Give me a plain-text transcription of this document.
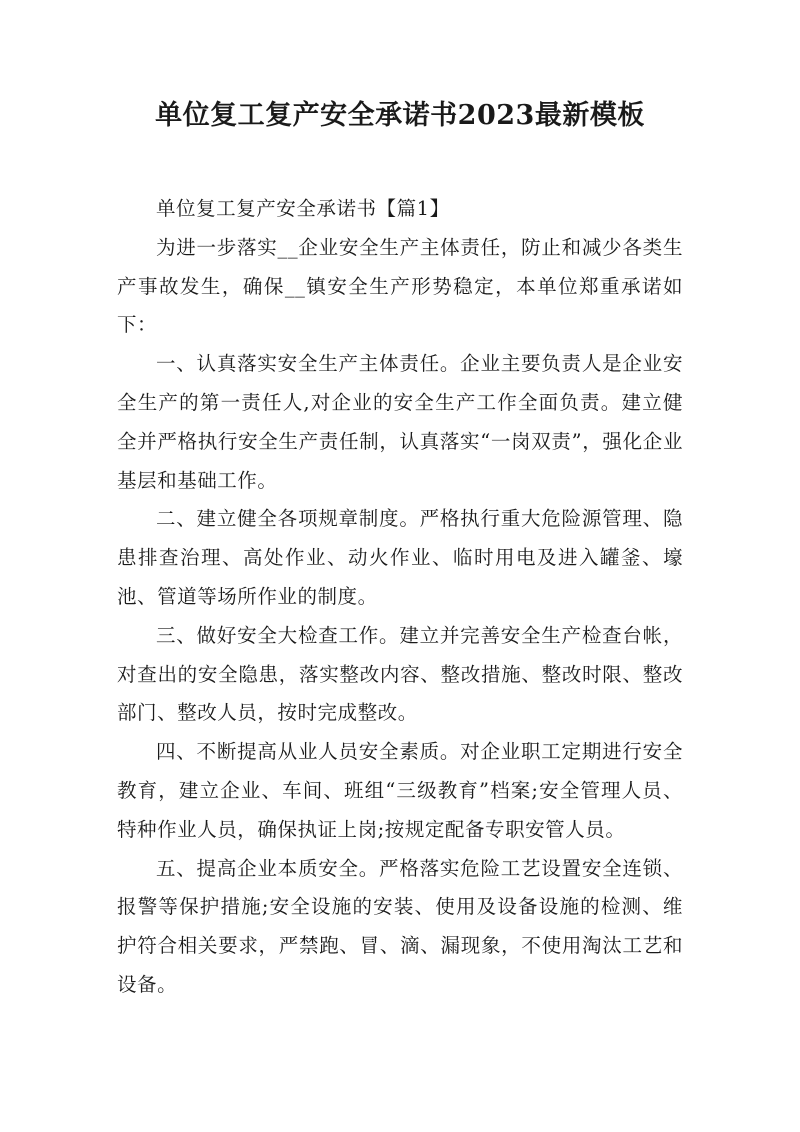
单位复工复产安全承诺书2023最新模板

单位复工复产安全承诺书【篇1】

为进一步落实__企业安全生产主体责任，防止和减少各类生产事故发生，确保__镇安全生产形势稳定，本单位郑重承诺如下：

一、认真落实安全生产主体责任。企业主要负责人是企业安全生产的第一责任人,对企业的安全生产工作全面负责。建立健全并严格执行安全生产责任制，认真落实“一岗双责”，强化企业基层和基础工作。

二、建立健全各项规章制度。严格执行重大危险源管理、隐患排查治理、高处作业、动火作业、临时用电及进入罐釜、壕池、管道等场所作业的制度。

三、做好安全大检查工作。建立并完善安全生产检查台帐，对查出的安全隐患，落实整改内容、整改措施、整改时限、整改部门、整改人员，按时完成整改。

四、不断提高从业人员安全素质。对企业职工定期进行安全教育，建立企业、车间、班组“三级教育”档案;安全管理人员、特种作业人员，确保执证上岗;按规定配备专职安管人员。

五、提高企业本质安全。严格落实危险工艺设置安全连锁、报警等保护措施;安全设施的安装、使用及设备设施的检测、维护符合相关要求，严禁跑、冒、滴、漏现象，不使用淘汰工艺和设备。
